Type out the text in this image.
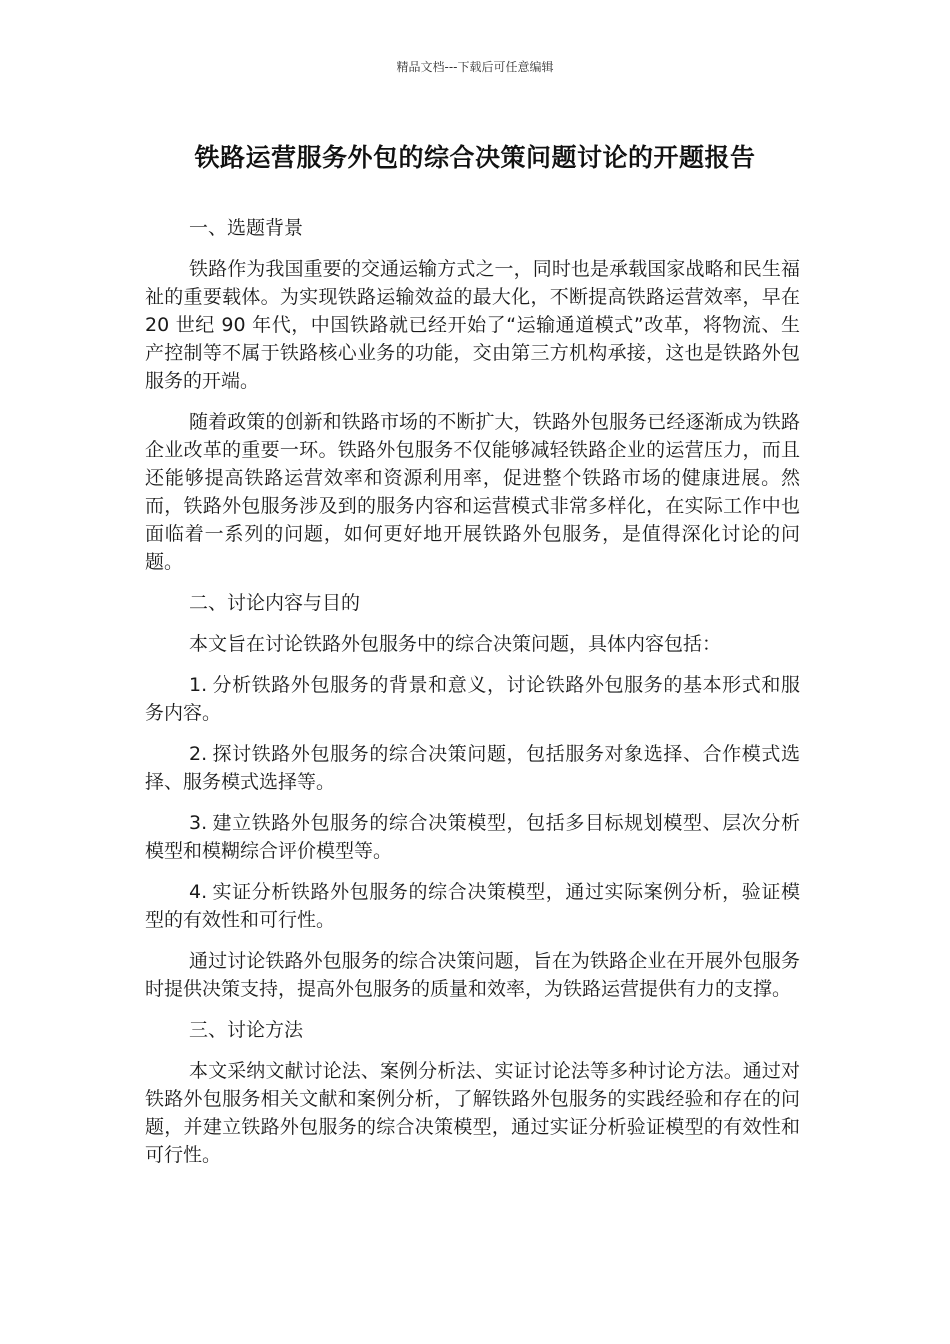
精品文档---下载后可任意编辑
铁路运营服务外包的综合决策问题讨论的开题报告

一、选题背景

铁路作为我国重要的交通运输方式之一，同时也是承载国家战略和民生福祉的重要载体。为实现铁路运输效益的最大化，不断提高铁路运营效率，早在 20 世纪 90 年代，中国铁路就已经开始了“运输通道模式”改革，将物流、生产控制等不属于铁路核心业务的功能，交由第三方机构承接，这也是铁路外包服务的开端。

随着政策的创新和铁路市场的不断扩大，铁路外包服务已经逐渐成为铁路企业改革的重要一环。铁路外包服务不仅能够减轻铁路企业的运营压力，而且还能够提高铁路运营效率和资源利用率，促进整个铁路市场的健康进展。然而，铁路外包服务涉及到的服务内容和运营模式非常多样化，在实际工作中也面临着一系列的问题，如何更好地开展铁路外包服务，是值得深化讨论的问题。

二、讨论内容与目的

本文旨在讨论铁路外包服务中的综合决策问题，具体内容包括：

1. 分析铁路外包服务的背景和意义，讨论铁路外包服务的基本形式和服务内容。

2. 探讨铁路外包服务的综合决策问题，包括服务对象选择、合作模式选择、服务模式选择等。

3. 建立铁路外包服务的综合决策模型，包括多目标规划模型、层次分析模型和模糊综合评价模型等。

4. 实证分析铁路外包服务的综合决策模型，通过实际案例分析，验证模型的有效性和可行性。

通过讨论铁路外包服务的综合决策问题，旨在为铁路企业在开展外包服务时提供决策支持，提高外包服务的质量和效率，为铁路运营提供有力的支撑。

三、讨论方法

本文采纳文献讨论法、案例分析法、实证讨论法等多种讨论方法。通过对铁路外包服务相关文献和案例分析，了解铁路外包服务的实践经验和存在的问题，并建立铁路外包服务的综合决策模型，通过实证分析验证模型的有效性和可行性。
